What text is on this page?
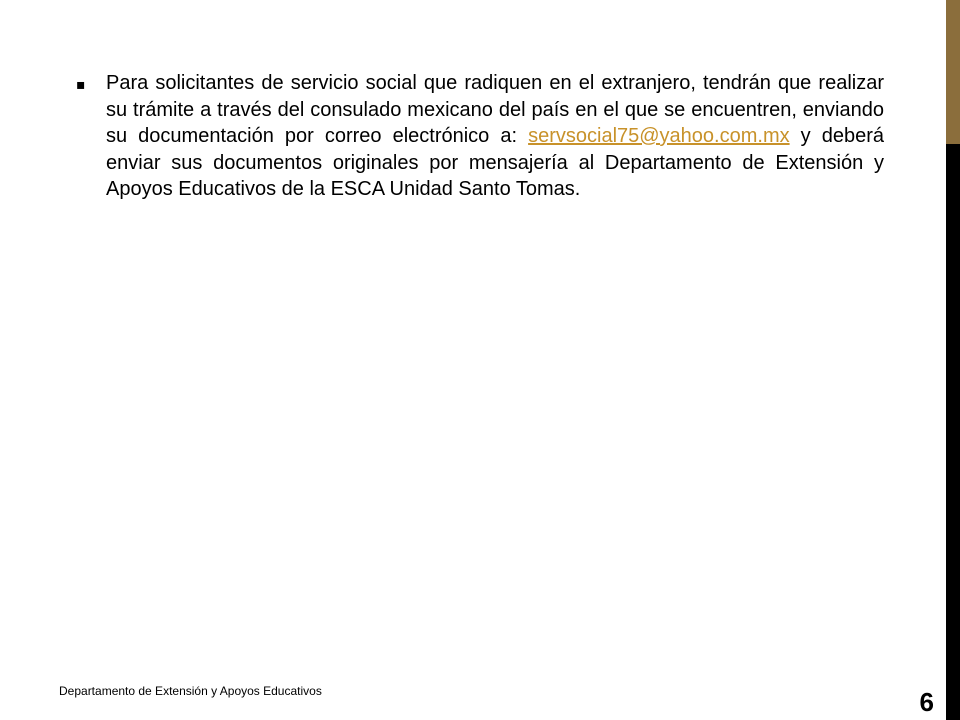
▪	Para solicitantes de servicio social que radiquen en el extranjero, tendrán que realizar su trámite a través del consulado mexicano del país en el que se encuentren, enviando su documentación por correo electrónico a: servsocial75@yahoo.com.mx y deberá enviar sus documentos originales por mensajería al Departamento de Extensión y Apoyos Educativos de la ESCA Unidad Santo Tomas.

Departamento de Extensión y Apoyos Educativos	6
